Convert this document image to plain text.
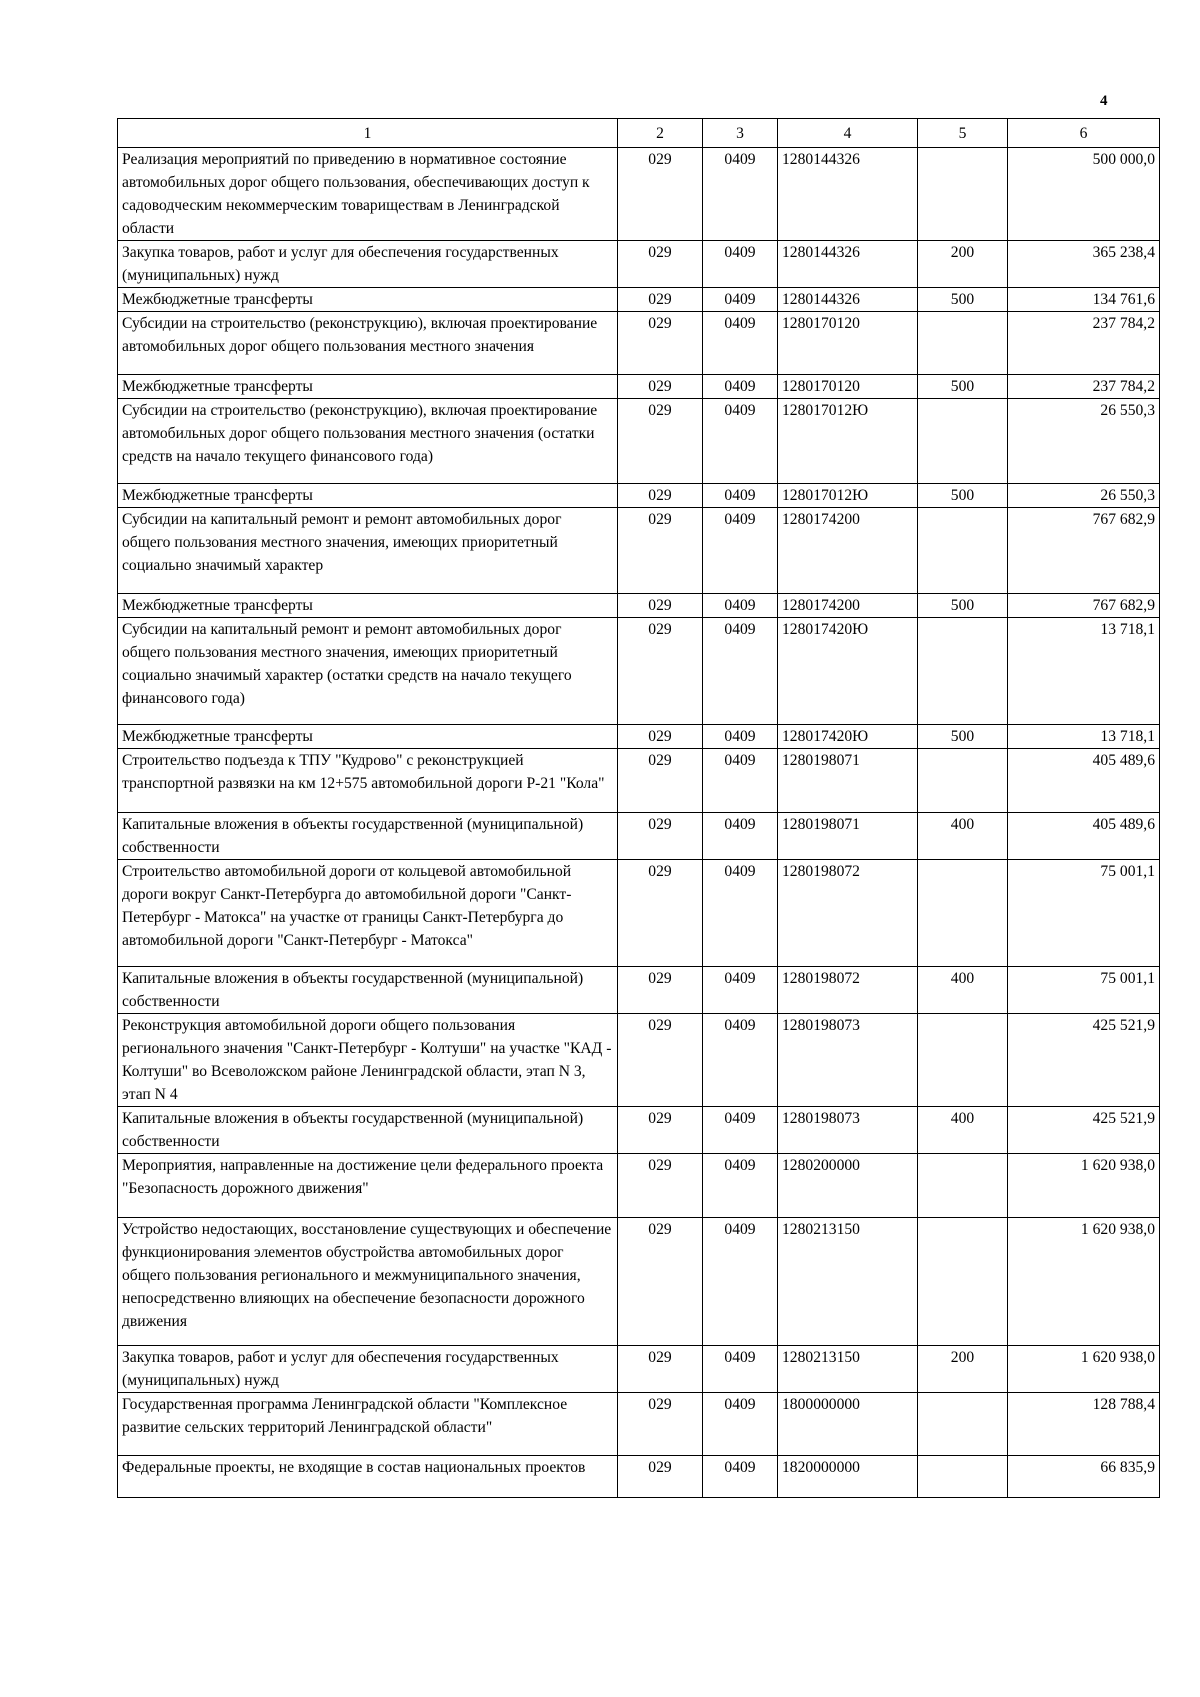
4
1	2	3	4	5	6
Реализация мероприятий по приведению в нормативное состояние автомобильных дорог общего пользования, обеспечивающих доступ к садоводческим некоммерческим товариществам в Ленинградской области	029	0409	1280144326		500 000,0
Закупка товаров, работ и услуг для обеспечения государственных (муниципальных) нужд	029	0409	1280144326	200	365 238,4
Межбюджетные трансферты	029	0409	1280144326	500	134 761,6
Субсидии на строительство (реконструкцию), включая проектирование автомобильных дорог общего пользования местного значения	029	0409	1280170120		237 784,2
Межбюджетные трансферты	029	0409	1280170120	500	237 784,2
Субсидии на строительство (реконструкцию), включая проектирование автомобильных дорог общего пользования местного значения (остатки средств на начало текущего финансового года)	029	0409	128017012Ю		26 550,3
Межбюджетные трансферты	029	0409	128017012Ю	500	26 550,3
Субсидии на капитальный ремонт и ремонт автомобильных дорог общего пользования местного значения, имеющих приоритетный социально значимый характер	029	0409	1280174200		767 682,9
Межбюджетные трансферты	029	0409	1280174200	500	767 682,9
Субсидии на капитальный ремонт и ремонт автомобильных дорог общего пользования местного значения, имеющих приоритетный социально значимый характер (остатки средств на начало текущего финансового года)	029	0409	128017420Ю		13 718,1
Межбюджетные трансферты	029	0409	128017420Ю	500	13 718,1
Строительство подъезда к ТПУ "Кудрово" с реконструкцией транспортной развязки на км 12+575 автомобильной дороги Р-21 "Кола"	029	0409	1280198071		405 489,6
Капитальные вложения в объекты государственной (муниципальной) собственности	029	0409	1280198071	400	405 489,6
Строительство автомобильной дороги от кольцевой автомобильной дороги вокруг Санкт-Петербурга до автомобильной дороги "Санкт-Петербург - Матокса" на участке от границы Санкт-Петербурга до автомобильной дороги "Санкт-Петербург - Матокса"	029	0409	1280198072		75 001,1
Капитальные вложения в объекты государственной (муниципальной) собственности	029	0409	1280198072	400	75 001,1
Реконструкция автомобильной дороги общего пользования регионального значения "Санкт-Петербург - Колтуши" на участке "КАД - Колтуши" во Всеволожском районе Ленинградской области, этап N 3, этап N 4	029	0409	1280198073		425 521,9
Капитальные вложения в объекты государственной (муниципальной) собственности	029	0409	1280198073	400	425 521,9
Мероприятия, направленные на достижение цели федерального проекта "Безопасность дорожного движения"	029	0409	1280200000		1 620 938,0
Устройство недостающих, восстановление существующих и обеспечение функционирования элементов обустройства автомобильных дорог общего пользования регионального и межмуниципального значения, непосредственно влияющих на обеспечение безопасности дорожного движения	029	0409	1280213150		1 620 938,0
Закупка товаров, работ и услуг для обеспечения государственных (муниципальных) нужд	029	0409	1280213150	200	1 620 938,0
Государственная программа Ленинградской области "Комплексное развитие сельских территорий Ленинградской области"	029	0409	1800000000		128 788,4
Федеральные проекты, не входящие в состав национальных проектов	029	0409	1820000000		66 835,9
